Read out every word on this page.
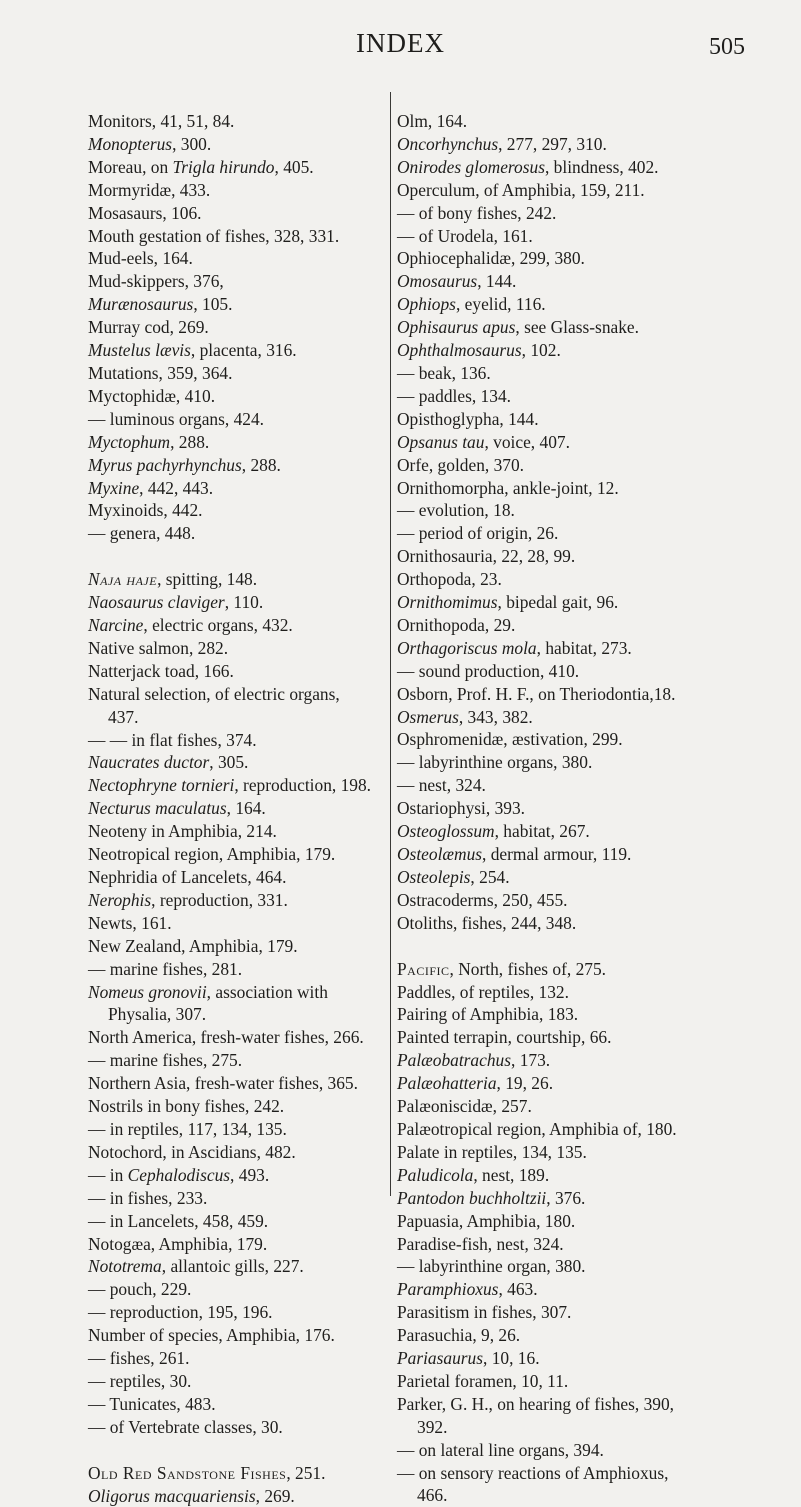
INDEX	505
Monitors, 41, 51, 84.
Monopterus, 300.
Moreau, on Trigla hirundo, 405.
Mormyridæ, 433.
Mosasaurs, 106.
Mouth gestation of fishes, 328, 331.
Mud-eels, 164.
Mud-skippers, 376,
Murænosaurus, 105.
Murray cod, 269.
Mustelus lævis, placenta, 316.
Mutations, 359, 364.
Myctophidæ, 410.
— luminous organs, 424.
Myctophum, 288.
Myrus pachyrhynchus, 288.
Myxine, 442, 443.
Myxinoids, 442.
— genera, 448.
Naja haje, spitting, 148.
Naosaurus claviger, 110.
Narcine, electric organs, 432.
Native salmon, 282.
Natterjack toad, 166.
Natural selection, of electric organs,
437.
— — in flat fishes, 374.
Naucrates ductor, 305.
Nectophryne tornieri, reproduction, 198.
Necturus maculatus, 164.
Neoteny in Amphibia, 214.
Neotropical region, Amphibia, 179.
Nephridia of Lancelets, 464.
Nerophis, reproduction, 331.
Newts, 161.
New Zealand, Amphibia, 179.
— marine fishes, 281.
Nomeus gronovii, association with
Physalia, 307.
North America, fresh-water fishes, 266.
— marine fishes, 275.
Northern Asia, fresh-water fishes, 365.
Nostrils in bony fishes, 242.
— in reptiles, 117, 134, 135.
Notochord, in Ascidians, 482.
— in Cephalodiscus, 493.
— in fishes, 233.
— in Lancelets, 458, 459.
Notogæa, Amphibia, 179.
Nototrema, allantoic gills, 227.
— pouch, 229.
— reproduction, 195, 196.
Number of species, Amphibia, 176.
— fishes, 261.
— reptiles, 30.
— Tunicates, 483.
— of Vertebrate classes, 30.
Old Red Sandstone Fishes, 251.
Oligorus macquariensis, 269.
Olm, 164.
Oncorhynchus, 277, 297, 310.
Onirodes glomerosus, blindness, 402.
Operculum, of Amphibia, 159, 211.
— of bony fishes, 242.
— of Urodela, 161.
Ophiocephalidæ, 299, 380.
Omosaurus, 144.
Ophiops, eyelid, 116.
Ophisaurus apus, see Glass-snake.
Ophthalmosaurus, 102.
— beak, 136.
— paddles, 134.
Opisthoglypha, 144.
Opsanus tau, voice, 407.
Orfe, golden, 370.
Ornithomorpha, ankle-joint, 12.
— evolution, 18.
— period of origin, 26.
Ornithosauria, 22, 28, 99.
Orthopoda, 23.
Ornithomimus, bipedal gait, 96.
Ornithopoda, 29.
Orthagoriscus mola, habitat, 273.
— sound production, 410.
Osborn, Prof. H. F., on Theriodontia,18.
Osmerus, 343, 382.
Osphromenidæ, æstivation, 299.
— labyrinthine organs, 380.
— nest, 324.
Ostariophysi, 393.
Osteoglossum, habitat, 267.
Osteolæmus, dermal armour, 119.
Osteolepis, 254.
Ostracoderms, 250, 455.
Otoliths, fishes, 244, 348.
Pacific, North, fishes of, 275.
Paddles, of reptiles, 132.
Pairing of Amphibia, 183.
Painted terrapin, courtship, 66.
Palæobatrachus, 173.
Palæohatteria, 19, 26.
Palæoniscidæ, 257.
Palæotropical region, Amphibia of, 180.
Palate in reptiles, 134, 135.
Paludicola, nest, 189.
Pantodon buchholtzii, 376.
Papuasia, Amphibia, 180.
Paradise-fish, nest, 324.
— labyrinthine organ, 380.
Paramphioxus, 463.
Parasitism in fishes, 307.
Parasuchia, 9, 26.
Pariasaurus, 10, 16.
Parietal foramen, 10, 11.
Parker, G. H., on hearing of fishes, 390,
392.
— on lateral line organs, 394.
— on sensory reactions of Amphioxus,
466.
